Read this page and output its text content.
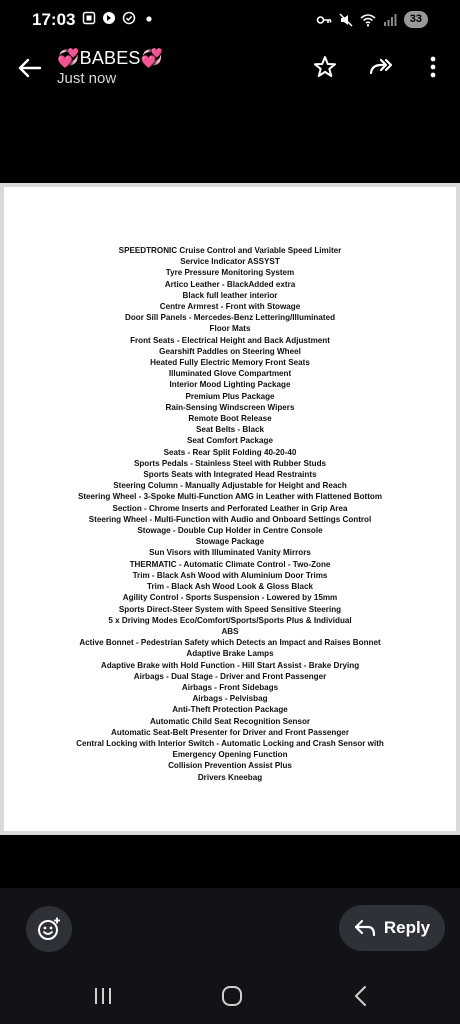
17:03	33
💞BABES💞
Just now
SPEEDTRONIC Cruise Control and Variable Speed Limiter
Service Indicator ASSYST
Tyre Pressure Monitoring System
Artico Leather - BlackAdded extra
Black full leather interior
Centre Armrest - Front with Stowage
Door Sill Panels - Mercedes-Benz Lettering/Illuminated
Floor Mats
Front Seats - Electrical Height and Back Adjustment
Gearshift Paddles on Steering Wheel
Heated Fully Electric Memory Front Seats
Illuminated Glove Compartment
Interior Mood Lighting Package
Premium Plus Package
Rain-Sensing Windscreen Wipers
Remote Boot Release
Seat Belts - Black
Seat Comfort Package
Seats - Rear Split Folding 40-20-40
Sports Pedals - Stainless Steel with Rubber Studs
Sports Seats with Integrated Head Restraints
Steering Column - Manually Adjustable for Height and Reach
Steering Wheel - 3-Spoke Multi-Function AMG in Leather with Flattened Bottom
Section - Chrome Inserts and Perforated Leather in Grip Area
Steering Wheel - Multi-Function with Audio and Onboard Settings Control
Stowage - Double Cup Holder in Centre Console
Stowage Package
Sun Visors with Illuminated Vanity Mirrors
THERMATIC - Automatic Climate Control - Two-Zone
Trim - Black Ash Wood with Aluminium Door Trims
Trim - Black Ash Wood Look & Gloss Black
Agility Control - Sports Suspension - Lowered by 15mm
Sports Direct-Steer System with Speed Sensitive Steering
5 x Driving Modes Eco/Comfort/Sports/Sports Plus & Individual
ABS
Active Bonnet - Pedestrian Safety which Detects an Impact and Raises Bonnet
Adaptive Brake Lamps
Adaptive Brake with Hold Function - Hill Start Assist - Brake Drying
Airbags - Dual Stage - Driver and Front Passenger
Airbags - Front Sidebags
Airbags - Pelvisbag
Anti-Theft Protection Package
Automatic Child Seat Recognition Sensor
Automatic Seat-Belt Presenter for Driver and Front Passenger
Central Locking with Interior Switch - Automatic Locking and Crash Sensor with
Emergency Opening Function
Collision Prevention Assist Plus
Drivers Kneebag
Reply
